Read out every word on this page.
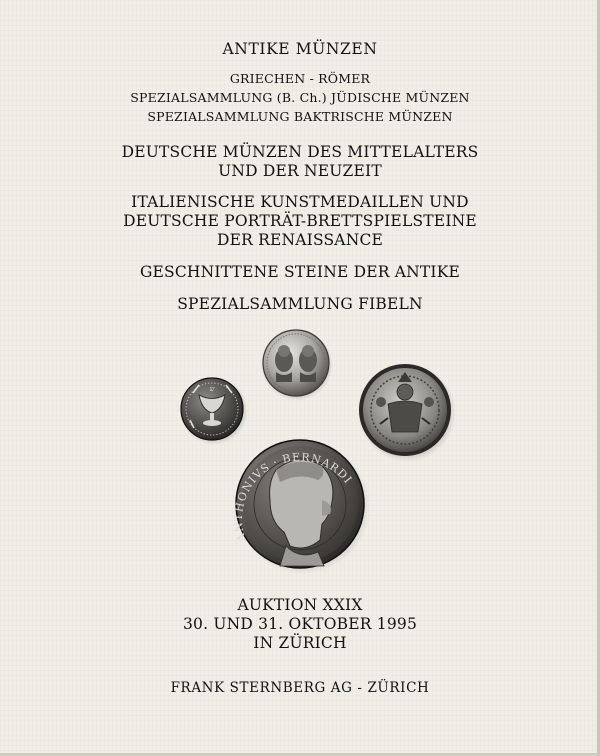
ANTIKE MÜNZEN
GRIECHEN - RÖMER
SPEZIALSAMMLUNG (B. Ch.) JÜDISCHE MÜNZEN
SPEZIALSAMMLUNG BAKTRISCHE MÜNZEN
DEUTSCHE MÜNZEN DES MITTELALTERS
UND DER NEUZEIT
ITALIENISCHE KUNSTMEDAILLEN UND
DEUTSCHE PORTRÄT-BRETTSPIELSTEINE
DER RENAISSANCE
GESCHNITTENE STEINE DER ANTIKE
SPEZIALSAMMLUNG FIBELN
ש
ANTHONIVS · BERNARDI
AUKTION XXIX
30. UND 31. OKTOBER 1995
IN ZÜRICH
FRANK STERNBERG AG - ZÜRICH
